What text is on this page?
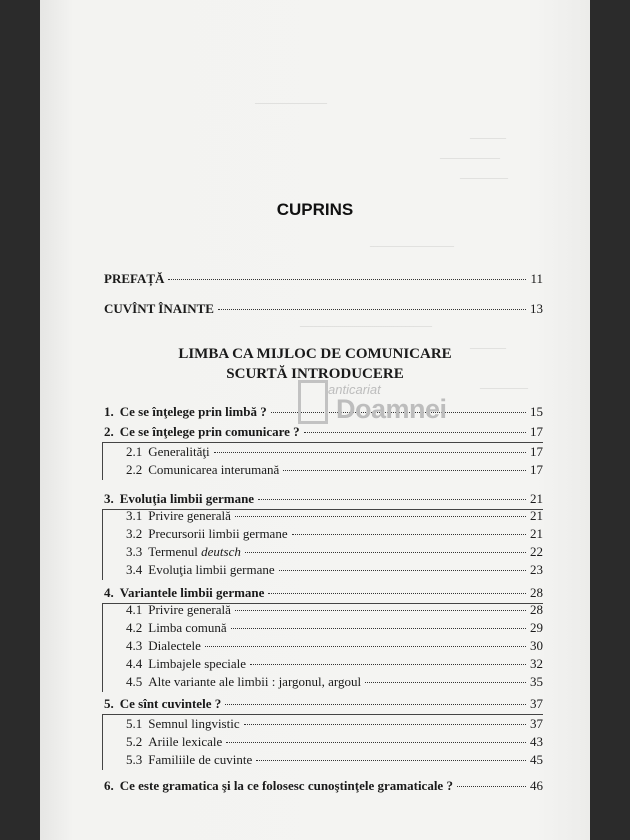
——————
———
—————
————
———————
———————————
———
————
CUPRINS
PREFAȚĂ	11
CUVÎNT ÎNAINTE	13
LIMBA CA MIJLOC DE COMUNICARE
SCURTĂ INTRODUCERE
1. Ce se înţelege prin limbă ?	15
2. Ce se înţelege prin comunicare ?	17
2.1 Generalităţi	17
2.2 Comunicarea interumană	17
3. Evoluţia limbii germane	21
3.1 Privire generală	21
3.2 Precursorii limbii germane	21
3.3 Termenul deutsch	22
3.4 Evoluţia limbii germane	23
4. Variantele limbii germane	28
4.1 Privire generală	28
4.2 Limba comună	29
4.3 Dialectele	30
4.4 Limbajele speciale	32
4.5 Alte variante ale limbii : jargonul, argoul	35
5. Ce sînt cuvintele ?	37
5.1 Semnul lingvistic	37
5.2 Ariile lexicale	43
5.3 Familiile de cuvinte	45
6. Ce este gramatica şi la ce folosesc cunoştinţele gramaticale ?	46
anticariat
Doamnei
